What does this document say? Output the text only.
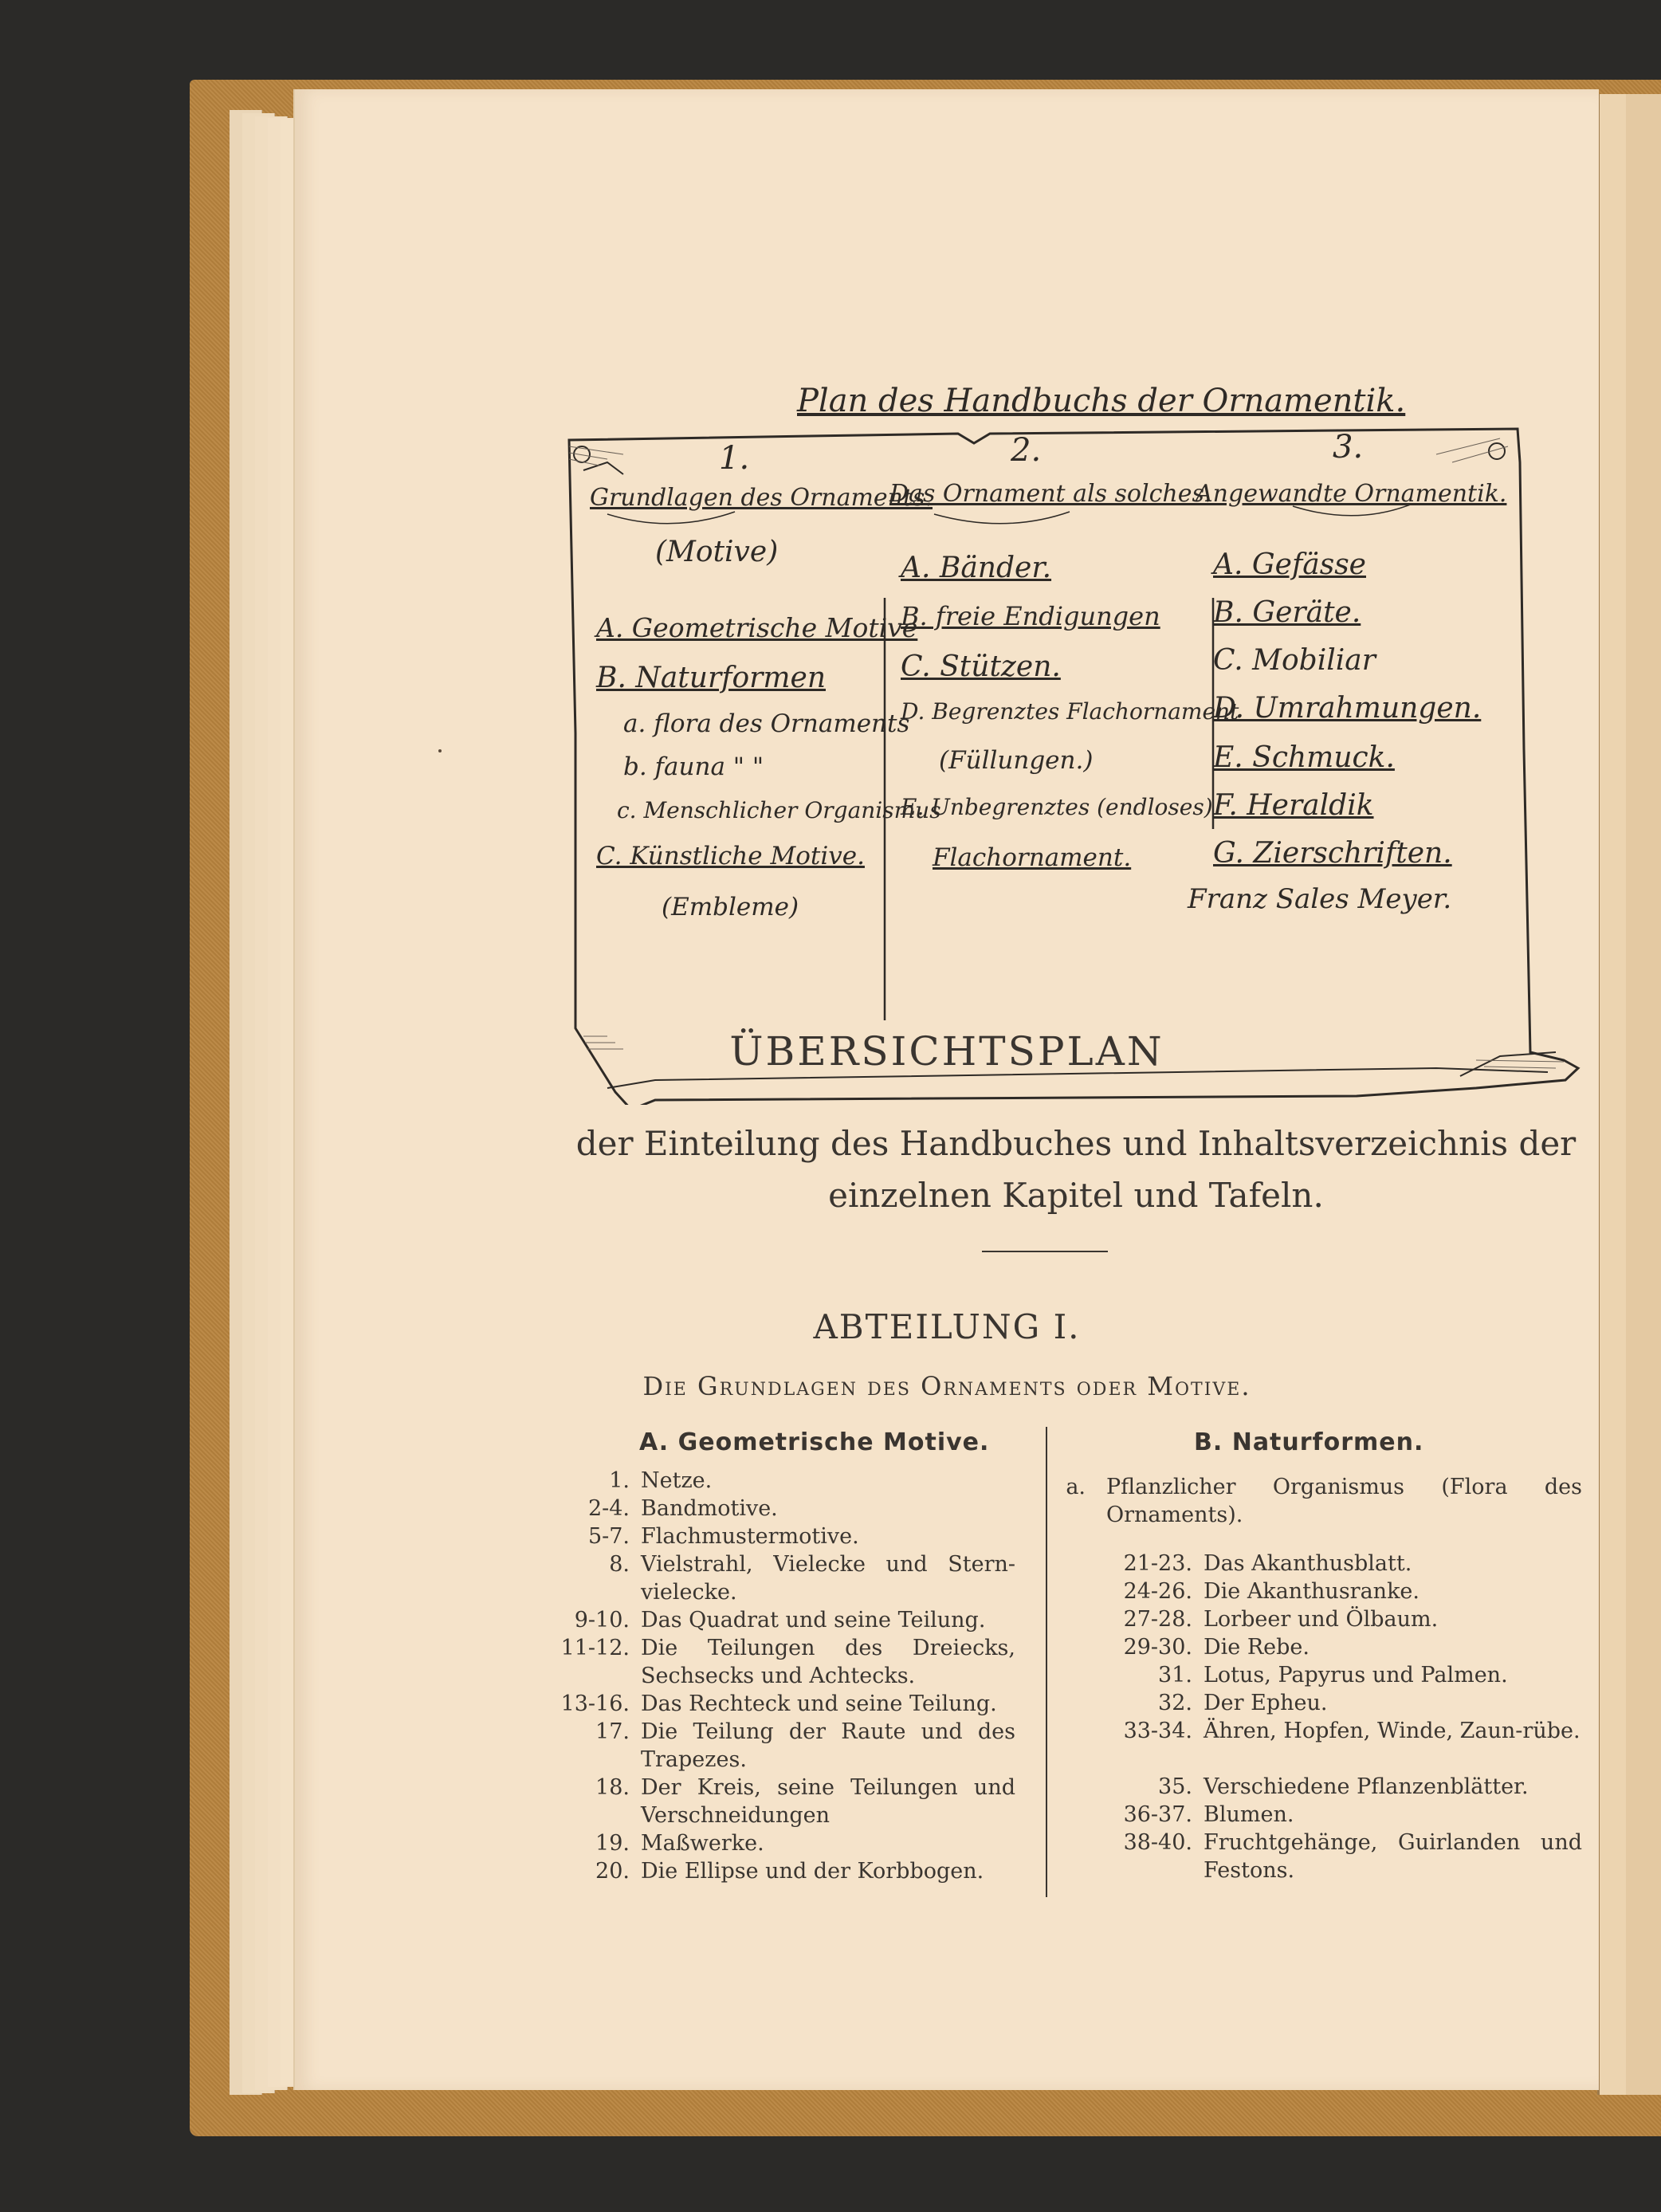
Plan des Handbuchs der Ornamentik.
1.
Grundlagen des Ornaments.
(Motive)
A. Geometrische Motive
B. Naturformen
a. flora des Ornaments
b. fauna " "
c. Menschlicher Organismus
C. Künstliche Motive.
(Embleme)
2.
Das Ornament als solches.
A. Bänder.
B. freie Endigungen
C. Stützen.
D. Begrenztes Flachornament
(Füllungen.)
E. Unbegrenztes (endloses)
Flachornament.
3.
Angewandte Ornamentik.
A. Gefässe
B. Geräte.
C. Mobiliar
D. Umrahmungen.
E. Schmuck.
F. Heraldik
G. Zierschriften.
Franz Sales Meyer.
ÜBERSICHTSPLAN
der Einteilung des Handbuches und Inhaltsverzeichnis der
einzelnen Kapitel und Tafeln.
ABTEILUNG I.
Die Grundlagen des Ornaments oder Motive.
A. Geometrische Motive.	B. Naturformen.
1. Netze.
2-4. Bandmotive.
5-7. Flachmustermotive.
8. Vielstrahl, Vielecke und Stern-vielecke.
9-10. Das Quadrat und seine Teilung.
11-12. Die Teilungen des Dreiecks, Sechsecks und Achtecks.
13-16. Das Rechteck und seine Teilung.
17. Die Teilung der Raute und des Trapezes.
18. Der Kreis, seine Teilungen und Verschneidungen
19. Maßwerke.
20. Die Ellipse und der Korbbogen.
a. Pflanzlicher Organismus (Flora des Ornaments).
21-23. Das Akanthusblatt.
24-26. Die Akanthusranke.
27-28. Lorbeer und Ölbaum.
29-30. Die Rebe.
31. Lotus, Papyrus und Palmen.
32. Der Epheu.
33-34. Ähren, Hopfen, Winde, Zaun-rübe.
35. Verschiedene Pflanzenblätter.
36-37. Blumen.
38-40. Fruchtgehänge, Guirlanden und Festons.
